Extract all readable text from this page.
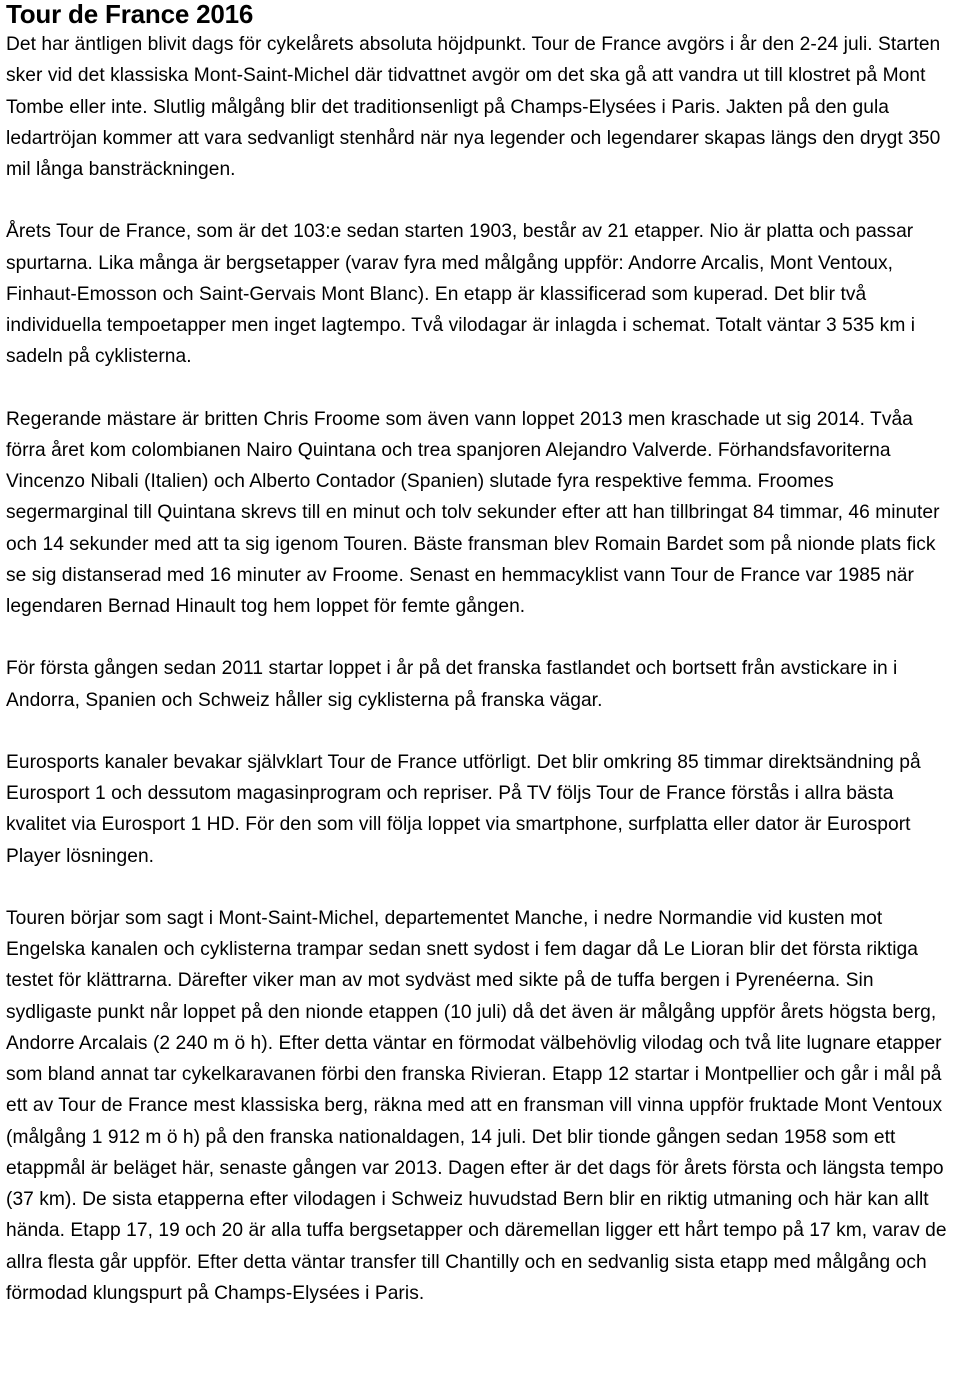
Tour de France 2016

Det har äntligen blivit dags för cykelårets absoluta höjdpunkt. Tour de France avgörs i år den 2-24 juli. Starten sker vid det klassiska Mont-Saint-Michel där tidvattnet avgör om det ska gå att vandra ut till klostret på Mont Tombe eller inte. Slutlig målgång blir det traditionsenligt på Champs-Elysées i Paris. Jakten på den gula ledartröjan kommer att vara sedvanligt stenhård när nya legender och legendarer skapas längs den drygt 350 mil långa bansträckningen.

Årets Tour de France, som är det 103:e sedan starten 1903, består av 21 etapper. Nio är platta och passar spurtarna. Lika många är bergsetapper (varav fyra med målgång uppför: Andorre Arcalis, Mont Ventoux, Finhaut-Emosson och Saint-Gervais Mont Blanc). En etapp är klassificerad som kuperad. Det blir två individuella tempoetapper men inget lagtempo. Två vilodagar är inlagda i schemat. Totalt väntar 3 535 km i sadeln på cyklisterna.

Regerande mästare är britten Chris Froome som även vann loppet 2013 men kraschade ut sig 2014. Tvåa förra året kom colombianen Nairo Quintana och trea spanjoren Alejandro Valverde. Förhandsfavoriterna Vincenzo Nibali (Italien) och Alberto Contador (Spanien) slutade fyra respektive femma. Froomes segermarginal till Quintana skrevs till en minut och tolv sekunder efter att han tillbringat 84 timmar, 46 minuter och 14 sekunder med att ta sig igenom Touren. Bäste fransman blev Romain Bardet som på nionde plats fick se sig distanserad med 16 minuter av Froome. Senast en hemmacyklist vann Tour de France var 1985 när legendaren Bernad Hinault tog hem loppet för femte gången.

För första gången sedan 2011 startar loppet i år på det franska fastlandet och bortsett från avstickare in i Andorra, Spanien och Schweiz håller sig cyklisterna på franska vägar.

Eurosports kanaler bevakar självklart Tour de France utförligt. Det blir omkring 85 timmar direktsändning på Eurosport 1 och dessutom magasinprogram och repriser. På TV följs Tour de France förstås i allra bästa kvalitet via Eurosport 1 HD. För den som vill följa loppet via smartphone, surfplatta eller dator är Eurosport Player lösningen.

Touren börjar som sagt i Mont-Saint-Michel, departementet Manche, i nedre Normandie vid kusten mot Engelska kanalen och cyklisterna trampar sedan snett sydost i fem dagar då Le Lioran blir det första riktiga testet för klättrarna. Därefter viker man av mot sydväst med sikte på de tuffa bergen i Pyrenéerna. Sin sydligaste punkt når loppet på den nionde etappen (10 juli) då det även är målgång uppför årets högsta berg, Andorre Arcalais (2 240 m ö h). Efter detta väntar en förmodat välbehövlig vilodag och två lite lugnare etapper som bland annat tar cykelkaravanen förbi den franska Rivieran. Etapp 12 startar i Montpellier och går i mål på ett av Tour de France mest klassiska berg, räkna med att en fransman vill vinna uppför fruktade Mont Ventoux (målgång 1 912 m ö h) på den franska nationaldagen, 14 juli. Det blir tionde gången sedan 1958 som ett etappmål är beläget här, senaste gången var 2013. Dagen efter är det dags för årets första och längsta tempo (37 km). De sista etapperna efter vilodagen i Schweiz huvudstad Bern blir en riktig utmaning och här kan allt hända. Etapp 17, 19 och 20 är alla tuffa bergsetapper och däremellan ligger ett hårt tempo på 17 km, varav de allra flesta går uppför. Efter detta väntar transfer till Chantilly och en sedvanlig sista etapp med målgång och förmodad klungspurt på Champs-Elysées i Paris.
